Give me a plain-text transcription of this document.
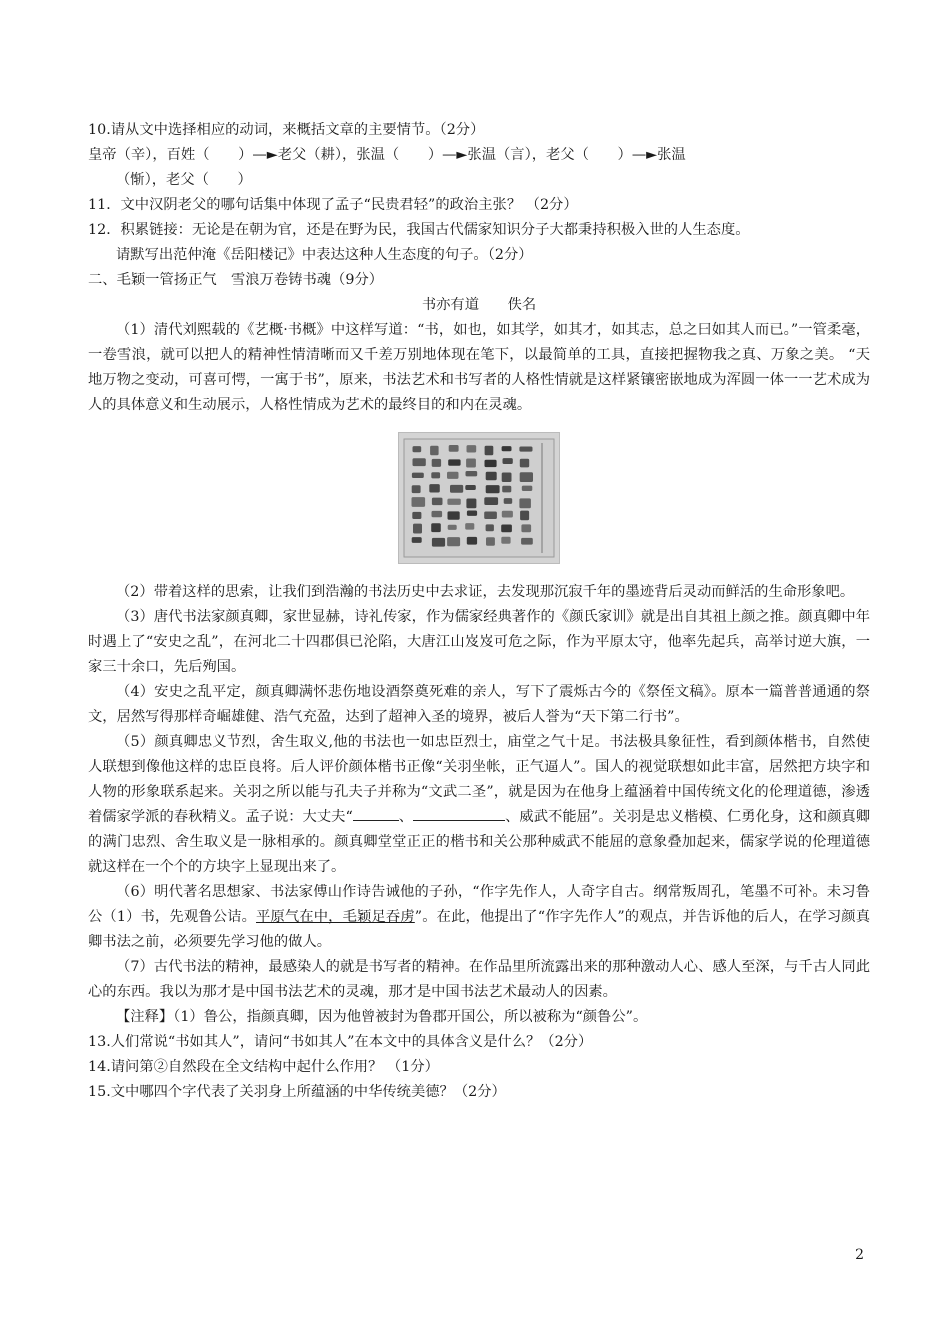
10.请从文中选择相应的动词，来概括文章的主要情节。（2分）

皇帝（辛），百姓（　　）—►老父（耕），张温（　　）—►张温（言），老父（　　）—►张温

（惭），老父（　　）

11．文中汉阴老父的哪句话集中体现了孟子“民贵君轻”的政治主张？ （2分）

12．积累链接：无论是在朝为官，还是在野为民，我国古代儒家知识分子大都秉持积极入世的人生态度。

请默写出范仲淹《岳阳楼记》中表达这种人生态度的句子。（2分）

二、毛颖一管扬正气　雪浪万卷铸书魂（9分）

书亦有道　　佚名

（1）清代刘熙载的《艺概·书概》中这样写道：“书，如也，如其学，如其才，如其志，总之曰如其人而已。”一管柔毫，一卷雪浪，就可以把人的精神性情清晰而又千差万别地体现在笔下，以最简单的工具，直接把握物我之真、万象之美。 “天地万物之变动，可喜可愕，一寓于书”，原来，书法艺术和书写者的人格性情就是这样紧镶密嵌地成为浑圆一体一一艺术成为人的具体意义和生动展示，人格性情成为艺术的最终目的和内在灵魂。

（2）带着这样的思索，让我们到浩瀚的书法历史中去求证，去发现那沉寂千年的墨迹背后灵动而鲜活的生命形象吧。

（3）唐代书法家颜真卿，家世显赫，诗礼传家，作为儒家经典著作的《颜氏家训》就是出自其祖上颜之推。颜真卿中年时遇上了“安史之乱”，在河北二十四郡俱已沦陷，大唐江山岌岌可危之际，作为平原太守，他率先起兵，高举讨逆大旗，一家三十余口，先后殉国。

（4）安史之乱平定，颜真卿满怀悲伤地设酒祭奠死难的亲人，写下了震烁古今的《祭侄文稿》。原本一篇普普通通的祭文，居然写得那样奇崛雄健、浩气充盈，达到了超神入圣的境界，被后人誉为“天下第二行书”。

（5）颜真卿忠义节烈，舍生取义,他的书法也一如忠臣烈士，庙堂之气十足。书法极具象征性，看到颜体楷书，自然使人联想到像他这样的忠臣良将。后人评价颜体楷书正像“关羽坐帐，正气逼人”。国人的视觉联想如此丰富，居然把方块字和人物的形象联系起来。关羽之所以能与孔夫子并称为“文武二圣”，就是因为在他身上蕴涵着中国传统文化的伦理道德，渗透着儒家学派的春秋精义。孟子说：大丈夫“	、	、威武不能屈”。关羽是忠义楷模、仁勇化身，这和颜真卿的满门忠烈、舍生取义是一脉相承的。颜真卿堂堂正正的楷书和关公那种威武不能屈的意象叠加起来，儒家学说的伦理道德就这样在一个个的方块字上显现出来了。

（6）明代著名思想家、书法家傅山作诗告诫他的子孙，“作字先作人，人奇字自古。纲常叛周孔，笔墨不可补。未习鲁公（1）书，先观鲁公诘。平原气在中，毛颖足吞虏”。在此，他提出了“作字先作人”的观点，并告诉他的后人，在学习颜真卿书法之前，必须要先学习他的做人。

（7）古代书法的精神，最感染人的就是书写者的精神。在作品里所流露出来的那种激动人心、感人至深，与千古人同此心的东西。我以为那才是中国书法艺术的灵魂，那才是中国书法艺术最动人的因素。

【注释】（1）鲁公，指颜真卿，因为他曾被封为鲁郡开国公，所以被称为“颜鲁公”。

13.人们常说“书如其人”，请问“书如其人”在本文中的具体含义是什么？（2分）

14.请问第②自然段在全文结构中起什么作用？ （1分）

15.文中哪四个字代表了关羽身上所蕴涵的中华传统美德？（2分）

2
